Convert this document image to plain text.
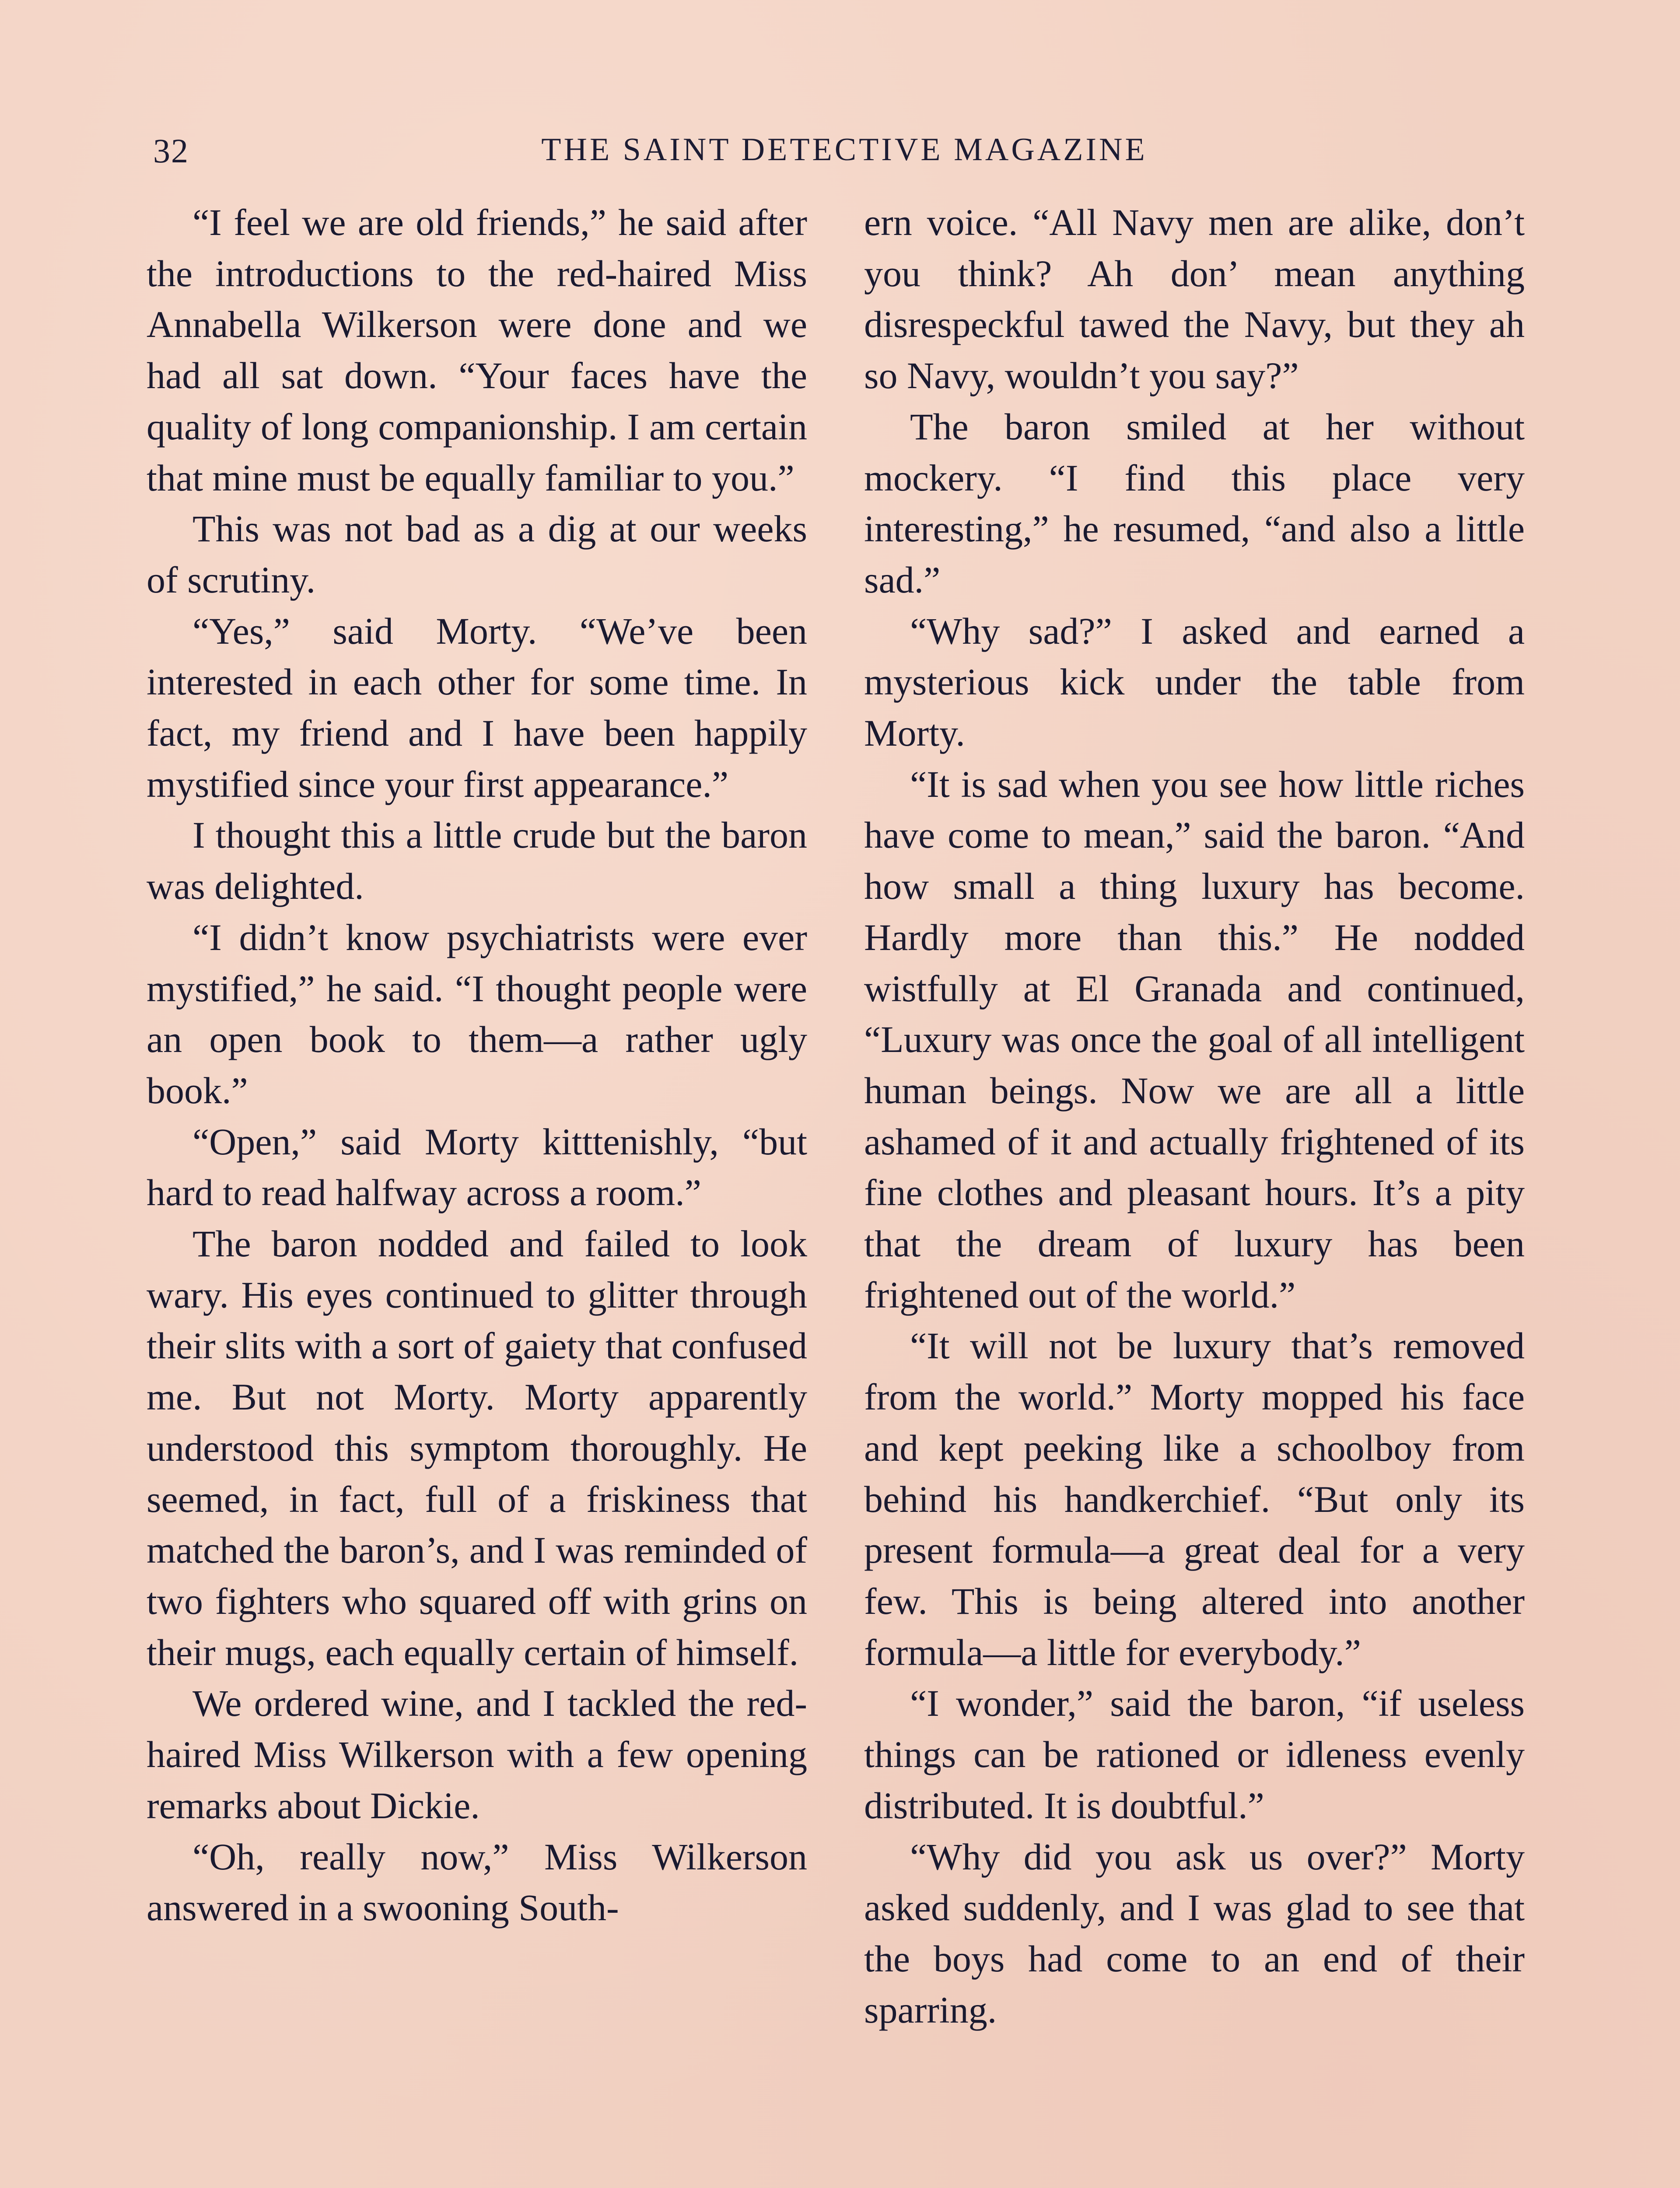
32	THE SAINT DETECTIVE MAGAZINE

“I feel we are old friends,” he said after the introductions to the red-haired Miss Annabella Wilkerson were done and we had all sat down. “Your faces have the quality of long companionship. I am certain that mine must be equally familiar to you.”

This was not bad as a dig at our weeks of scrutiny.

“Yes,” said Morty. “We’ve been interested in each other for some time. In fact, my friend and I have been happily mystified since your first appearance.”

I thought this a little crude but the baron was delighted.

“I didn’t know psychiatrists were ever mystified,” he said. “I thought people were an open book to them—a rather ugly book.”

“Open,” said Morty kitttenishly, “but hard to read halfway across a room.”

The baron nodded and failed to look wary. His eyes continued to glitter through their slits with a sort of gaiety that confused me. But not Morty. Morty apparently understood this symptom thoroughly. He seemed, in fact, full of a friskiness that matched the baron’s, and I was reminded of two fighters who squared off with grins on their mugs, each equally certain of himself.

We ordered wine, and I tackled the red-haired Miss Wilkerson with a few opening remarks about Dickie.

“Oh, really now,” Miss Wilkerson answered in a swooning South-

ern voice. “All Navy men are alike, don’t you think? Ah don’ mean anything disrespeckful tawed the Navy, but they ah so Navy, wouldn’t you say?”

The baron smiled at her without mockery. “I find this place very interesting,” he resumed, “and also a little sad.”

“Why sad?” I asked and earned a mysterious kick under the table from Morty.

“It is sad when you see how little riches have come to mean,” said the baron. “And how small a thing luxury has become. Hardly more than this.” He nodded wistfully at El Granada and continued, “Luxury was once the goal of all intelligent human beings. Now we are all a little ashamed of it and actually frightened of its fine clothes and pleasant hours. It’s a pity that the dream of luxury has been frightened out of the world.”

“It will not be luxury that’s removed from the world.” Morty mopped his face and kept peeking like a schoolboy from behind his handkerchief. “But only its present formula—a great deal for a very few. This is being altered into another formula—a little for everybody.”

“I wonder,” said the baron, “if useless things can be rationed or idleness evenly distributed. It is doubtful.”

“Why did you ask us over?” Morty asked suddenly, and I was glad to see that the boys had come to an end of their sparring.
